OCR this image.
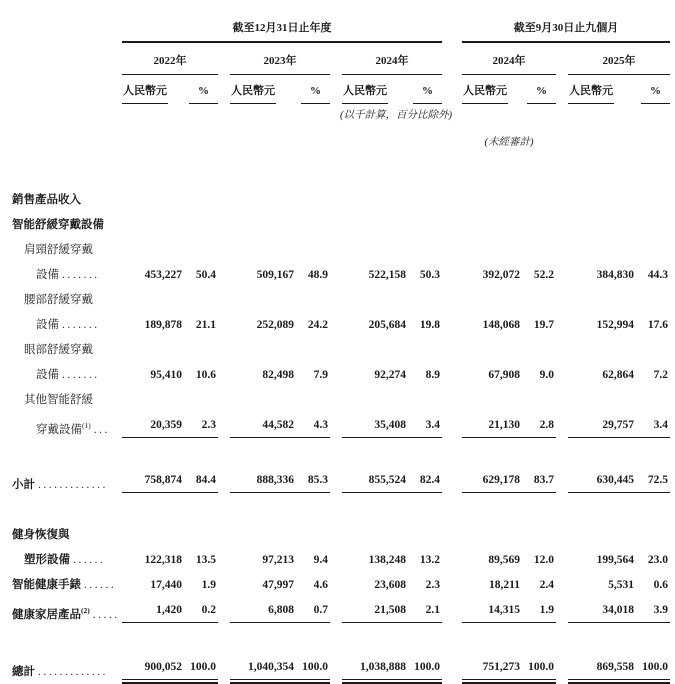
	截至12月31日止年度									截至9月30日止九個月				
	2022年			2023年			2024年			2024年			2025年	
	人民幣元	%		人民幣元	%		人民幣元	%		人民幣元	%		人民幣元	%
	(以千計算，百分比除外)													
										(未經審計)				

銷售產品收入														
智能舒緩穿戴設備														
肩頸舒緩穿戴														
設備 .......	453,227	50.4		509,167	48.9		522,158	50.3		392,072	52.2		384,830	44.3
腰部舒緩穿戴														
設備 .......	189,878	21.1		252,089	24.2		205,684	19.8		148,068	19.7		152,994	17.6
眼部舒緩穿戴														
設備 .......	95,410	10.6		82,498	7.9		92,274	8.9		67,908	9.0		62,864	7.2
其他智能舒緩														
穿戴設備$^{(1)}$ ...	20,359	2.3		44,582	4.3		35,408	3.4		21,130	2.8		29,757	3.4

小計 .............	758,874	84.4		888,336	85.3		855,524	82.4		629,178	83.7		630,445	72.5

健身恢復與														
塑形設備 ......	122,318	13.5		97,213	9.4		138,248	13.2		89,569	12.0		199,564	23.0
智能健康手錶 ......	17,440	1.9		47,997	4.6		23,608	2.3		18,211	2.4		5,531	0.6
健康家居產品$^{(2)}$ .....	1,420	0.2		6,808	0.7		21,508	2.1		14,315	1.9		34,018	3.9

總計 .............	900,052	100.0		1,040,354	100.0		1,038,888	100.0		751,273	100.0		869,558	100.0
